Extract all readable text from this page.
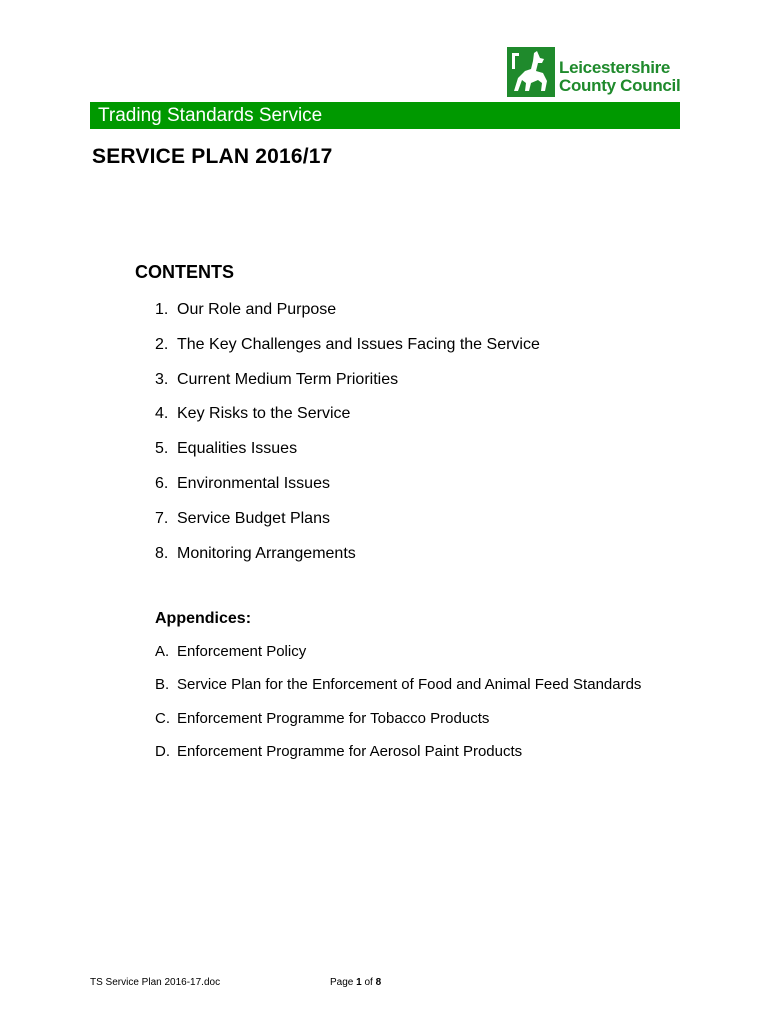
Leicestershire
County Council
Trading Standards Service
SERVICE PLAN 2016/17
CONTENTS
1. Our Role and Purpose
2. The Key Challenges and Issues Facing the Service
3. Current Medium Term Priorities
4. Key Risks to the Service
5. Equalities Issues
6. Environmental Issues
7. Service Budget Plans
8. Monitoring Arrangements
Appendices:
A. Enforcement Policy
B. Service Plan for the Enforcement of Food and Animal Feed Standards
C. Enforcement Programme for Tobacco Products
D. Enforcement Programme for Aerosol Paint Products
TS Service Plan 2016-17.doc	Page 1 of 8
